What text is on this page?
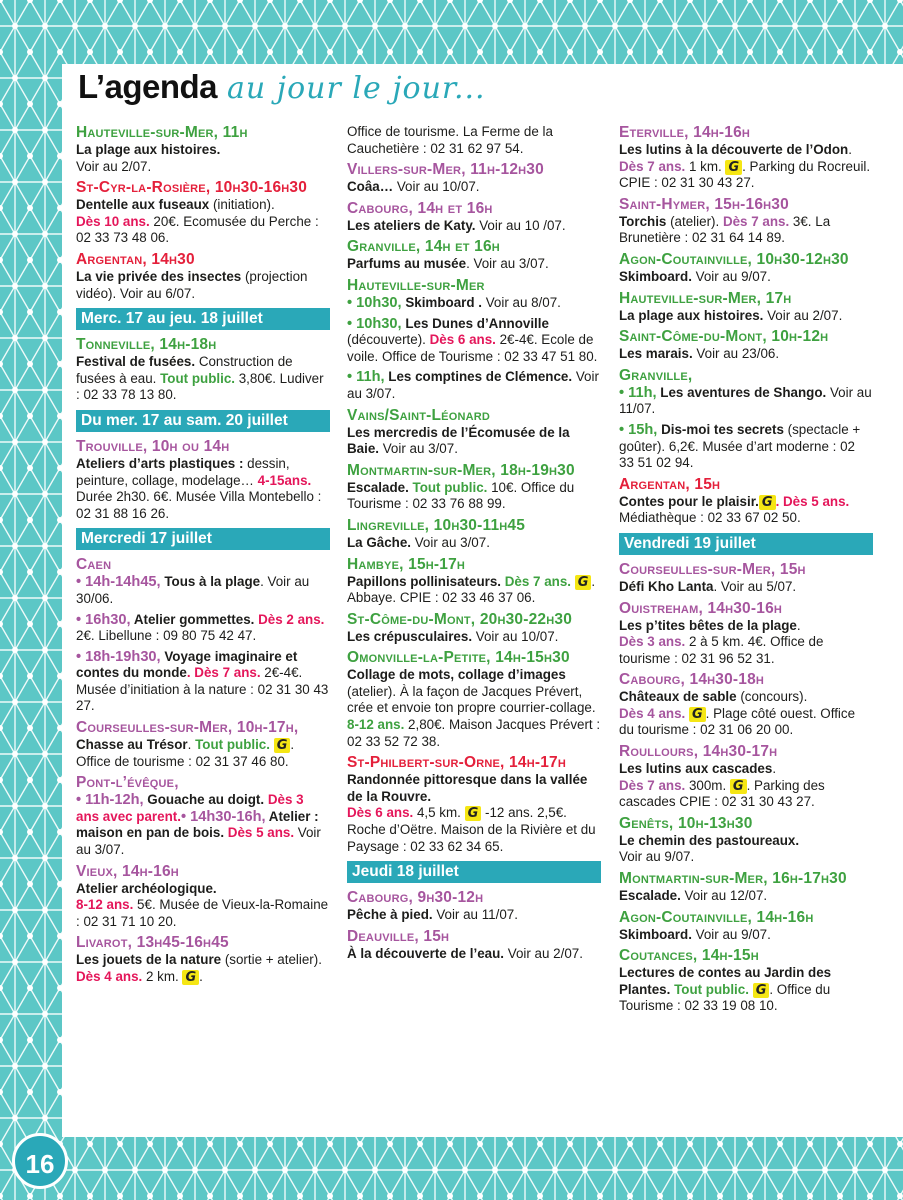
L’agenda au jour le jour...
Hauteville-sur-Mer, 11h
La plage aux histoires.
Voir au 2/07.
St-Cyr-la-Rosière, 10h30-16h30
Dentelle aux fuseaux (initiation).
Dès 10 ans. 20€. Ecomusée du Perche : 02 33 73 48 06.
Argentan, 14h30
La vie privée des insectes (projection vidéo). Voir au 6/07.
Merc. 17 au jeu. 18 juillet
Tonneville, 14h-18h
Festival de fusées. Construction de fusées à eau. Tout public. 3,80€. Ludiver : 02 33 78 13 80.
Du mer. 17 au sam. 20 juillet
Trouville, 10h ou 14h
Ateliers d’arts plastiques : dessin, peinture, collage, modelage… 4-15ans. Durée 2h30. 6€. Musée Villa Montebello : 02 31 88 16 26.
Mercredi 17 juillet
Caen
• 14h-14h45, Tous à la plage. Voir au 30/06.
• 16h30, Atelier gommettes. Dès 2 ans. 2€. Libellune : 09 80 75 42 47.
• 18h-19h30, Voyage imaginaire et contes du monde. Dès 7 ans. 2€-4€. Musée d’initiation à la nature : 02 31 30 43 27.
Courseulles-sur-Mer, 10h-17h,
Chasse au Trésor. Tout public. G . Office de tourisme : 02 31 37 46 80.
Pont-l’évêque,
• 11h-12h, Gouache au doigt. Dès 3 ans avec parent.• 14h30-16h, Atelier : maison en pan de bois. Dès 5 ans. Voir au 3/07.
Vieux, 14h-16h
Atelier archéologique.
8-12 ans. 5€. Musée de Vieux-la-Romaine : 02 31 71 10 20.
Livarot, 13h45-16h45
Les jouets de la nature (sortie + atelier). Dès 4 ans. 2 km. G .
Office de tourisme. La Ferme de la Cauchetière : 02 31 62 97 54.
Villers-sur-Mer, 11h-12h30
Coâa… Voir au 10/07.
Cabourg, 14h et 16h
Les ateliers de Katy. Voir au 10 /07.
Granville, 14h et 16h
Parfums au musée. Voir au 3/07.
Hauteville-sur-Mer
• 10h30, Skimboard . Voir au 8/07.
• 10h30, Les Dunes d’Annoville (découverte). Dès 6 ans. 2€-4€. Ecole de voile. Office de Tourisme : 02 33 47 51 80.
• 11h, Les comptines de Clémence. Voir au 3/07.
Vains/Saint-Léonard
Les mercredis de l’Écomusée de la Baie. Voir au 3/07.
Montmartin-sur-Mer, 18h-19h30
Escalade. Tout public. 10€. Office du Tourisme : 02 33 76 88 99.
Lingreville, 10h30-11h45
La Gâche. Voir au 3/07.
Hambye, 15h-17h
Papillons pollinisateurs. Dès 7 ans. G . Abbaye. CPIE : 02 33 46 37 06.
St-Côme-du-Mont, 20h30-22h30
Les crépusculaires. Voir au 10/07.
Omonville-la-Petite, 14h-15h30
Collage de mots, collage d’images (atelier). À la façon de Jacques Prévert, crée et envoie ton propre courrier-collage.
8-12 ans. 2,80€. Maison Jacques Prévert : 02 33 52 72 38.
St-Philbert-sur-Orne, 14h-17h
Randonnée pittoresque dans la vallée de la Rouvre.
Dès 6 ans. 4,5 km. G -12 ans. 2,5€. Roche d’Oëtre. Maison de la Rivière et du Paysage : 02 33 62 34 65.
Jeudi 18 juillet
Cabourg, 9h30-12h
Pêche à pied. Voir au 11/07.
Deauville, 15h
À la découverte de l’eau. Voir au 2/07.
Eterville, 14h-16h
Les lutins à la découverte de l’Odon. Dès 7 ans. 1 km. G . Parking du Rocreuil. CPIE : 02 31 30 43 27.
Saint-Hymer, 15h-16h30
Torchis (atelier). Dès 7 ans. 3€. La Brunetière : 02 31 64 14 89.
Agon-Coutainville, 10h30-12h30
Skimboard. Voir au 9/07.
Hauteville-sur-Mer, 17h
La plage aux histoires. Voir au 2/07.
Saint-Côme-du-Mont, 10h-12h
Les marais. Voir au 23/06.
Granville,
• 11h, Les aventures de Shango. Voir au 11/07.
• 15h, Dis-moi tes secrets (spectacle + goûter). 6,2€. Musée d’art moderne : 02 33 51 02 94.
Argentan, 15h
Contes pour le plaisir. G . Dès 5 ans.
Médiathèque : 02 33 67 02 50.
Vendredi 19 juillet
Courseulles-sur-Mer, 15h
Défi Kho Lanta. Voir au 5/07.
Ouistreham, 14h30-16h
Les p’tites bêtes de la plage.
Dès 3 ans. 2 à 5 km. 4€. Office de tourisme : 02 31 96 52 31.
Cabourg, 14h30-18h
Châteaux de sable (concours).
Dès 4 ans. G . Plage côté ouest. Office du tourisme : 02 31 06 20 00.
Roullours, 14h30-17h
Les lutins aux cascades.
Dès 7 ans. 300m. G . Parking des cascades CPIE : 02 31 30 43 27.
Genêts, 10h-13h30
Le chemin des pastoureaux.
Voir au 9/07.
Montmartin-sur-Mer, 16h-17h30
Escalade. Voir au 12/07.
Agon-Coutainville, 14h-16h
Skimboard. Voir au 9/07.
Coutances, 14h-15h
Lectures de contes au Jardin des Plantes. Tout public. G . Office du Tourisme : 02 33 19 08 10.
16
